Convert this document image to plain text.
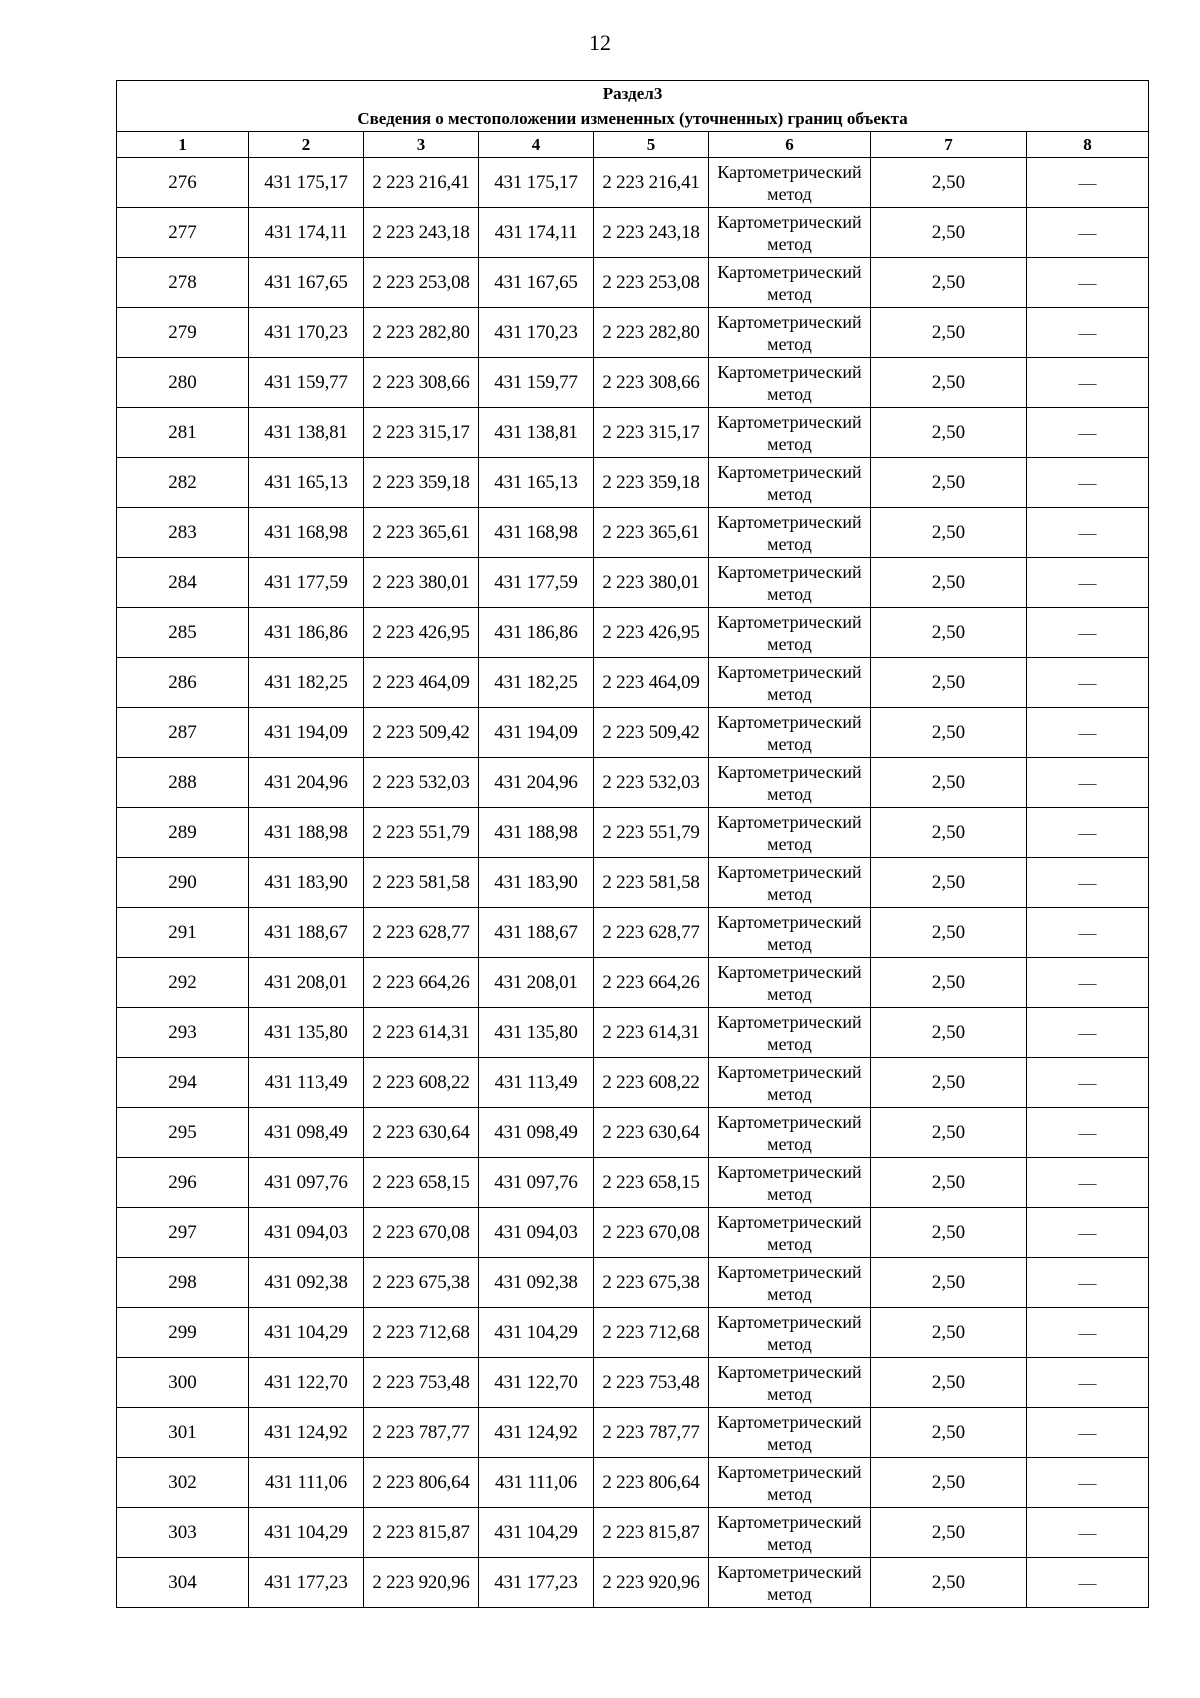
12
Раздел3							
Сведения о местоположении измененных (уточненных) границ объекта							
1	2	3	4	5	6	7	8
276	431 175,17	2 223 216,41	431 175,17	2 223 216,41	Картометрический метод	2,50	—
277	431 174,11	2 223 243,18	431 174,11	2 223 243,18	Картометрический метод	2,50	—
278	431 167,65	2 223 253,08	431 167,65	2 223 253,08	Картометрический метод	2,50	—
279	431 170,23	2 223 282,80	431 170,23	2 223 282,80	Картометрический метод	2,50	—
280	431 159,77	2 223 308,66	431 159,77	2 223 308,66	Картометрический метод	2,50	—
281	431 138,81	2 223 315,17	431 138,81	2 223 315,17	Картометрический метод	2,50	—
282	431 165,13	2 223 359,18	431 165,13	2 223 359,18	Картометрический метод	2,50	—
283	431 168,98	2 223 365,61	431 168,98	2 223 365,61	Картометрический метод	2,50	—
284	431 177,59	2 223 380,01	431 177,59	2 223 380,01	Картометрический метод	2,50	—
285	431 186,86	2 223 426,95	431 186,86	2 223 426,95	Картометрический метод	2,50	—
286	431 182,25	2 223 464,09	431 182,25	2 223 464,09	Картометрический метод	2,50	—
287	431 194,09	2 223 509,42	431 194,09	2 223 509,42	Картометрический метод	2,50	—
288	431 204,96	2 223 532,03	431 204,96	2 223 532,03	Картометрический метод	2,50	—
289	431 188,98	2 223 551,79	431 188,98	2 223 551,79	Картометрический метод	2,50	—
290	431 183,90	2 223 581,58	431 183,90	2 223 581,58	Картометрический метод	2,50	—
291	431 188,67	2 223 628,77	431 188,67	2 223 628,77	Картометрический метод	2,50	—
292	431 208,01	2 223 664,26	431 208,01	2 223 664,26	Картометрический метод	2,50	—
293	431 135,80	2 223 614,31	431 135,80	2 223 614,31	Картометрический метод	2,50	—
294	431 113,49	2 223 608,22	431 113,49	2 223 608,22	Картометрический метод	2,50	—
295	431 098,49	2 223 630,64	431 098,49	2 223 630,64	Картометрический метод	2,50	—
296	431 097,76	2 223 658,15	431 097,76	2 223 658,15	Картометрический метод	2,50	—
297	431 094,03	2 223 670,08	431 094,03	2 223 670,08	Картометрический метод	2,50	—
298	431 092,38	2 223 675,38	431 092,38	2 223 675,38	Картометрический метод	2,50	—
299	431 104,29	2 223 712,68	431 104,29	2 223 712,68	Картометрический метод	2,50	—
300	431 122,70	2 223 753,48	431 122,70	2 223 753,48	Картометрический метод	2,50	—
301	431 124,92	2 223 787,77	431 124,92	2 223 787,77	Картометрический метод	2,50	—
302	431 111,06	2 223 806,64	431 111,06	2 223 806,64	Картометрический метод	2,50	—
303	431 104,29	2 223 815,87	431 104,29	2 223 815,87	Картометрический метод	2,50	—
304	431 177,23	2 223 920,96	431 177,23	2 223 920,96	Картометрический метод	2,50	—
